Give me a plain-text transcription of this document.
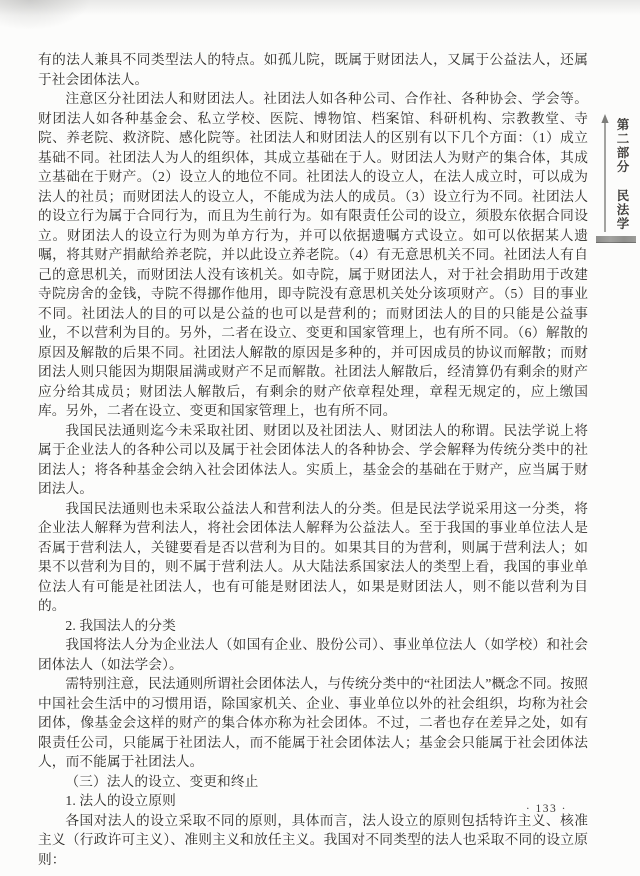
有的法人兼具不同类型法人的特点。如孤儿院，既属于财团法人，又属于公益法人，还属于社会团体法人。

注意区分社团法人和财团法人。社团法人如各种公司、合作社、各种协会、学会等。财团法人如各种基金会、私立学校、医院、博物馆、档案馆、科研机构、宗教教堂、寺院、养老院、救济院、感化院等。社团法人和财团法人的区别有以下几个方面：（1）成立基础不同。社团法人为人的组织体，其成立基础在于人。财团法人为财产的集合体，其成立基础在于财产。（2）设立人的地位不同。社团法人的设立人，在法人成立时，可以成为法人的社员；而财团法人的设立人，不能成为法人的成员。（3）设立行为不同。社团法人的设立行为属于合同行为，而且为生前行为。如有限责任公司的设立，须股东依据合同设立。财团法人的设立行为则为单方行为，并可以依据遗嘱方式设立。如可以依据某人遗嘱，将其财产捐献给养老院，并以此设立养老院。（4）有无意思机关不同。社团法人有自己的意思机关，而财团法人没有该机关。如寺院，属于财团法人，对于社会捐助用于改建寺院房舍的金钱，寺院不得挪作他用，即寺院没有意思机关处分该项财产。（5）目的事业不同。社团法人的目的可以是公益的也可以是营利的；而财团法人的目的只能是公益事业，不以营利为目的。另外，二者在设立、变更和国家管理上，也有所不同。（6）解散的原因及解散的后果不同。社团法人解散的原因是多种的，并可因成员的协议而解散；而财团法人则只能因为期限届满或财产不足而解散。社团法人解散后，经清算仍有剩余的财产应分给其成员；财团法人解散后，有剩余的财产依章程处理，章程无规定的，应上缴国库。另外，二者在设立、变更和国家管理上，也有所不同。

我国民法通则迄今未采取社团、财团以及社团法人、财团法人的称谓。民法学说上将属于企业法人的各种公司以及属于社会团体法人的各种协会、学会解释为传统分类中的社团法人；将各种基金会纳入社会团体法人。实质上，基金会的基础在于财产，应当属于财团法人。

我国民法通则也未采取公益法人和营利法人的分类。但是民法学说采用这一分类，将企业法人解释为营利法人，将社会团体法人解释为公益法人。至于我国的事业单位法人是否属于营利法人，关键要看是否以营利为目的。如果其目的为营利，则属于营利法人；如果不以营利为目的，则不属于营利法人。从大陆法系国家法人的类型上看，我国的事业单位法人有可能是社团法人，也有可能是财团法人，如果是财团法人，则不能以营利为目的。

2. 我国法人的分类

我国将法人分为企业法人（如国有企业、股份公司）、事业单位法人（如学校）和社会团体法人（如法学会）。

需特别注意，民法通则所谓社会团体法人，与传统分类中的“社团法人”概念不同。按照中国社会生活中的习惯用语，除国家机关、企业、事业单位以外的社会组织，均称为社会团体，像基金会这样的财产的集合体亦称为社会团体。不过，二者也存在差异之处，如有限责任公司，只能属于社团法人，而不能属于社会团体法人；基金会只能属于社会团体法人，而不能属于社团法人。

（三）法人的设立、变更和终止

1. 法人的设立原则

各国对法人的设立采取不同的原则，具体而言，法人设立的原则包括特许主义、核准主义（行政许可主义）、准则主义和放任主义。我国对不同类型的法人也采取不同的设立原则：

第二部分 民法学
· 133 ·
